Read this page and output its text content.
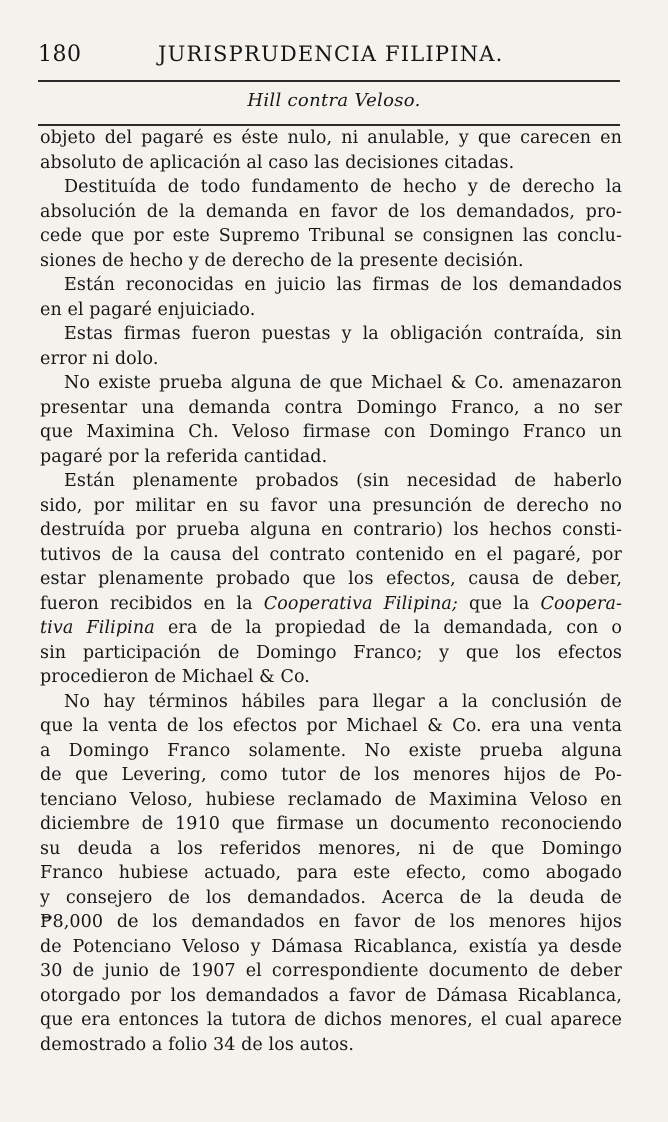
180	JURISPRUDENCIA FILIPINA.
Hill contra Veloso.
objeto del pagaré es éste nulo, ni anulable, y que carecen en
absoluto de aplicación al caso las decisiones citadas.
Destituída de todo fundamento de hecho y de derecho la
absolución de la demanda en favor de los demandados, pro-
cede que por este Supremo Tribunal se consignen las conclu-
siones de hecho y de derecho de la presente decisión.
Están reconocidas en juicio las firmas de los demandados
en el pagaré enjuiciado.
Estas firmas fueron puestas y la obligación contraída, sin
error ni dolo.
No existe prueba alguna de que Michael & Co. amenazaron
presentar una demanda contra Domingo Franco, a no ser
que Maximina Ch. Veloso firmase con Domingo Franco un
pagaré por la referida cantidad.
Están plenamente probados (sin necesidad de haberlo
sido, por militar en su favor una presunción de derecho no
destruída por prueba alguna en contrario) los hechos consti-
tutivos de la causa del contrato contenido en el pagaré, por
estar plenamente probado que los efectos, causa de deber,
fueron recibidos en la Cooperativa Filipina; que la Coopera-
tiva Filipina era de la propiedad de la demandada, con o
sin participación de Domingo Franco; y que los efectos
procedieron de Michael & Co.
No hay términos hábiles para llegar a la conclusión de
que la venta de los efectos por Michael & Co. era una venta
a Domingo Franco solamente. No existe prueba alguna
de que Levering, como tutor de los menores hijos de Po-
tenciano Veloso, hubiese reclamado de Maximina Veloso en
diciembre de 1910 que firmase un documento reconociendo
su deuda a los referidos menores, ni de que Domingo
Franco hubiese actuado, para este efecto, como abogado
y consejero de los demandados. Acerca de la deuda de
₱8,000 de los demandados en favor de los menores hijos
de Potenciano Veloso y Dámasa Ricablanca, existía ya desde
30 de junio de 1907 el correspondiente documento de deber
otorgado por los demandados a favor de Dámasa Ricablanca,
que era entonces la tutora de dichos menores, el cual aparece
demostrado a folio 34 de los autos.
